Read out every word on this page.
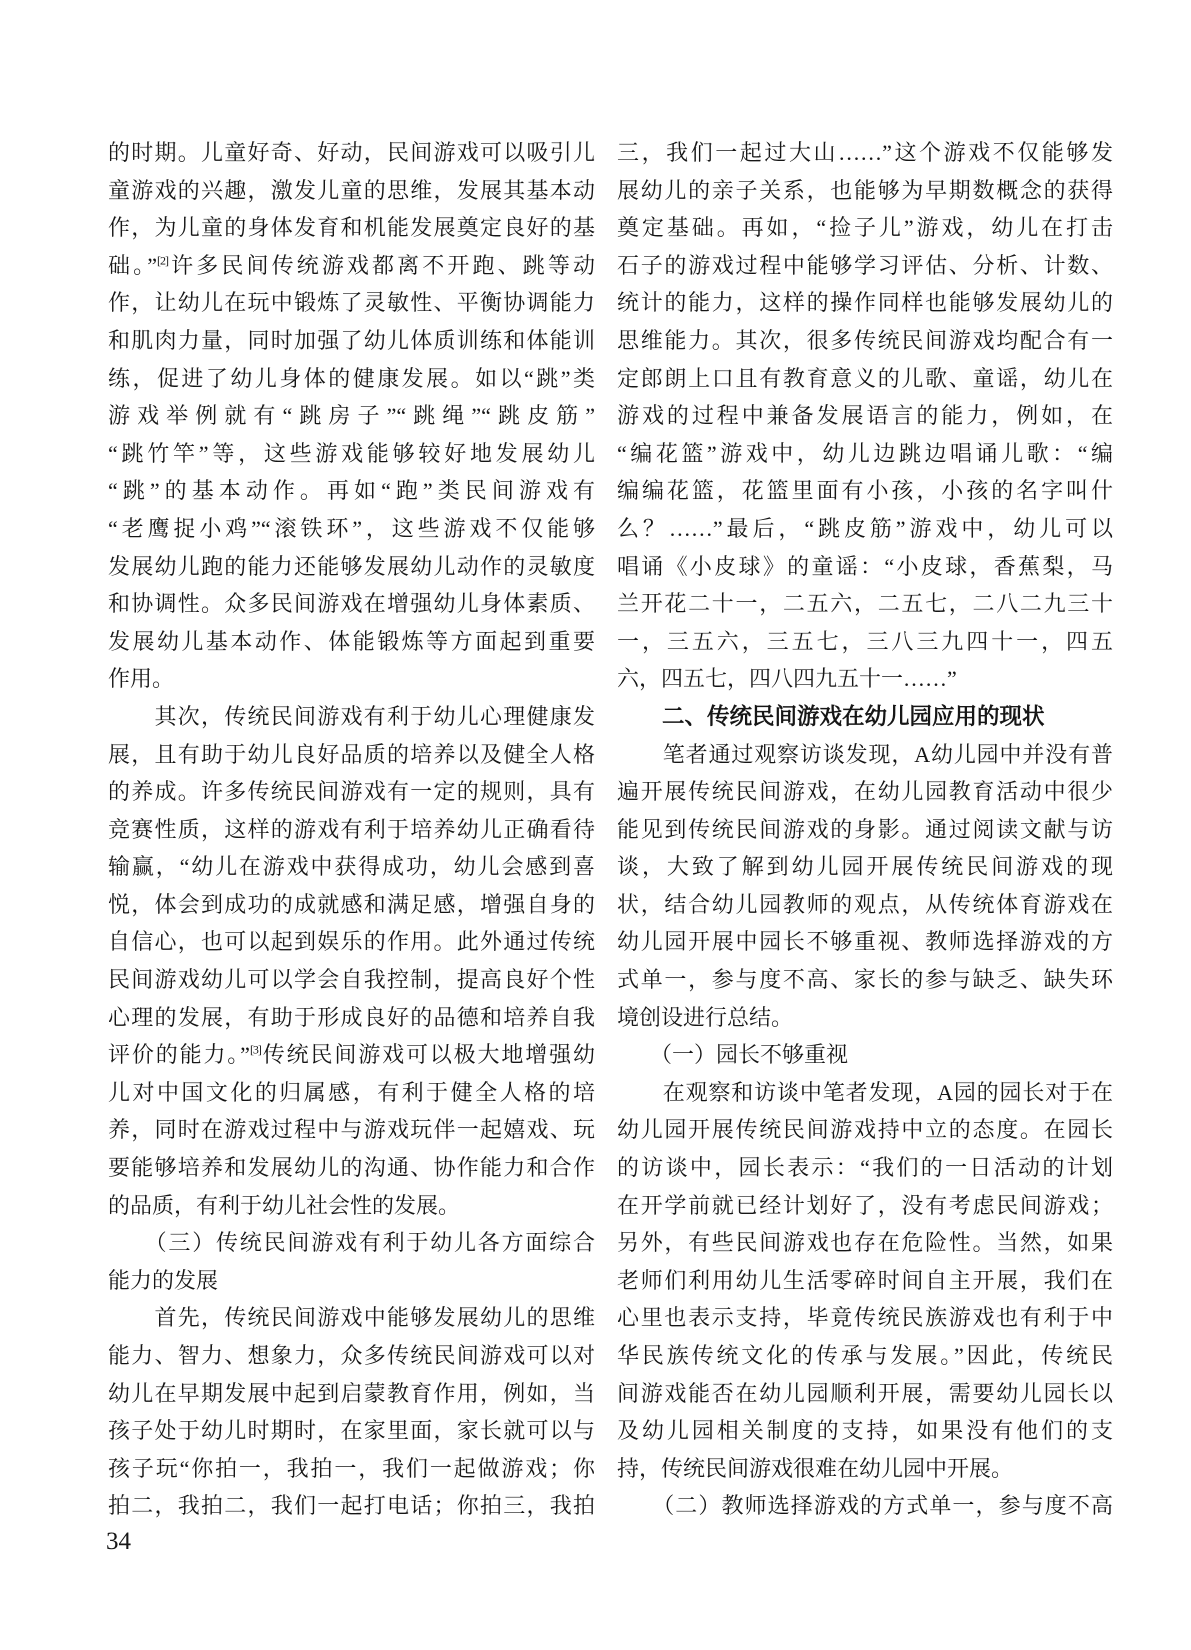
的时期。儿童好奇、好动，民间游戏可以吸引儿
童游戏的兴趣，激发儿童的思维，发展其基本动
作，为儿童的身体发育和机能发展奠定良好的基
础。”[2]许多民间传统游戏都离不开跑、跳等动
作，让幼儿在玩中锻炼了灵敏性、平衡协调能力
和肌肉力量，同时加强了幼儿体质训练和体能训
练，促进了幼儿身体的健康发展。如以“跳”类
游戏举例就有“跳房子”“跳绳”“跳皮筋”
“跳竹竿”等，这些游戏能够较好地发展幼儿
“跳”的基本动作。再如“跑”类民间游戏有
“老鹰捉小鸡”“滚铁环”，这些游戏不仅能够
发展幼儿跑的能力还能够发展幼儿动作的灵敏度
和协调性。众多民间游戏在增强幼儿身体素质、
发展幼儿基本动作、体能锻炼等方面起到重要
作用。
　　其次，传统民间游戏有利于幼儿心理健康发
展，且有助于幼儿良好品质的培养以及健全人格
的养成。许多传统民间游戏有一定的规则，具有
竞赛性质，这样的游戏有利于培养幼儿正确看待
输赢，“幼儿在游戏中获得成功，幼儿会感到喜
悦，体会到成功的成就感和满足感，增强自身的
自信心，也可以起到娱乐的作用。此外通过传统
民间游戏幼儿可以学会自我控制，提高良好个性
心理的发展，有助于形成良好的品德和培养自我
评价的能力。”[3]传统民间游戏可以极大地增强幼
儿对中国文化的归属感，有利于健全人格的培
养，同时在游戏过程中与游戏玩伴一起嬉戏、玩
要能够培养和发展幼儿的沟通、协作能力和合作
的品质，有利于幼儿社会性的发展。
　　（三）传统民间游戏有利于幼儿各方面综合
能力的发展
　　首先，传统民间游戏中能够发展幼儿的思维
能力、智力、想象力，众多传统民间游戏可以对
幼儿在早期发展中起到启蒙教育作用，例如，当
孩子处于幼儿时期时，在家里面，家长就可以与
孩子玩“你拍一，我拍一，我们一起做游戏；你
拍二，我拍二，我们一起打电话；你拍三，我拍
三，我们一起过大山……”这个游戏不仅能够发
展幼儿的亲子关系，也能够为早期数概念的获得
奠定基础。再如，“捡子儿”游戏，幼儿在打击
石子的游戏过程中能够学习评估、分析、计数、
统计的能力，这样的操作同样也能够发展幼儿的
思维能力。其次，很多传统民间游戏均配合有一
定郎朗上口且有教育意义的儿歌、童谣，幼儿在
游戏的过程中兼备发展语言的能力，例如，在
“编花篮”游戏中，幼儿边跳边唱诵儿歌：“编
编编花篮，花篮里面有小孩，小孩的名字叫什
么？……”最后，“跳皮筋”游戏中，幼儿可以
唱诵《小皮球》的童谣：“小皮球，香蕉梨，马
兰开花二十一，二五六，二五七，二八二九三十
一，三五六，三五七，三八三九四十一，四五
六，四五七，四八四九五十一……”
　　二、传统民间游戏在幼儿园应用的现状
　　笔者通过观察访谈发现，A幼儿园中并没有普
遍开展传统民间游戏，在幼儿园教育活动中很少
能见到传统民间游戏的身影。通过阅读文献与访
谈，大致了解到幼儿园开展传统民间游戏的现
状，结合幼儿园教师的观点，从传统体育游戏在
幼儿园开展中园长不够重视、教师选择游戏的方
式单一，参与度不高、家长的参与缺乏、缺失环
境创设进行总结。
　　（一）园长不够重视
　　在观察和访谈中笔者发现，A园的园长对于在
幼儿园开展传统民间游戏持中立的态度。在园长
的访谈中，园长表示：“我们的一日活动的计划
在开学前就已经计划好了，没有考虑民间游戏；
另外，有些民间游戏也存在危险性。当然，如果
老师们利用幼儿生活零碎时间自主开展，我们在
心里也表示支持，毕竟传统民族游戏也有利于中
华民族传统文化的传承与发展。”因此，传统民
间游戏能否在幼儿园顺利开展，需要幼儿园长以
及幼儿园相关制度的支持，如果没有他们的支
持，传统民间游戏很难在幼儿园中开展。
　　（二）教师选择游戏的方式单一，参与度不高
34
